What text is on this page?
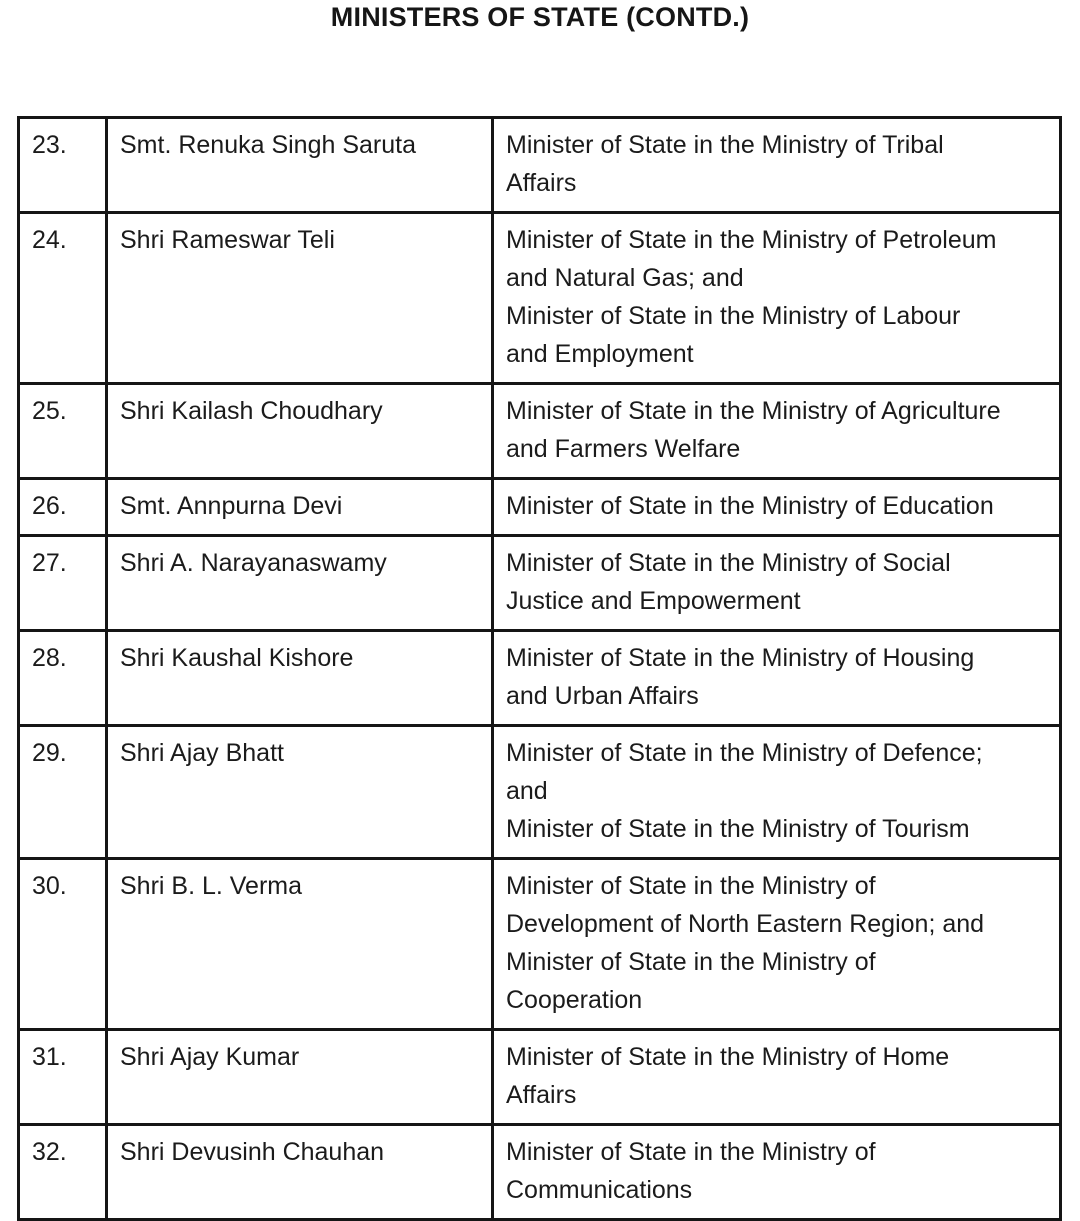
MINISTERS OF STATE (CONTD.)
23.	Smt. Renuka Singh Saruta	Minister of State in the Ministry of Tribal
Affairs

24.	Shri Rameswar Teli	Minister of State in the Ministry of Petroleum
and Natural Gas; and
Minister of State in the Ministry of Labour
and Employment

25.	Shri Kailash Choudhary	Minister of State in the Ministry of Agriculture
and Farmers Welfare

26.	Smt. Annpurna Devi	Minister of State in the Ministry of Education

27.	Shri A. Narayanaswamy	Minister of State in the Ministry of Social
Justice and Empowerment

28.	Shri Kaushal Kishore	Minister of State in the Ministry of Housing
and Urban Affairs

29.	Shri Ajay Bhatt	Minister of State in the Ministry of Defence;
and
Minister of State in the Ministry of Tourism

30.	Shri B. L. Verma	Minister of State in the Ministry of
Development of North Eastern Region; and
Minister of State in the Ministry of
Cooperation

31.	Shri Ajay Kumar	Minister of State in the Ministry of Home
Affairs

32.	Shri Devusinh Chauhan	Minister of State in the Ministry of
Communications
